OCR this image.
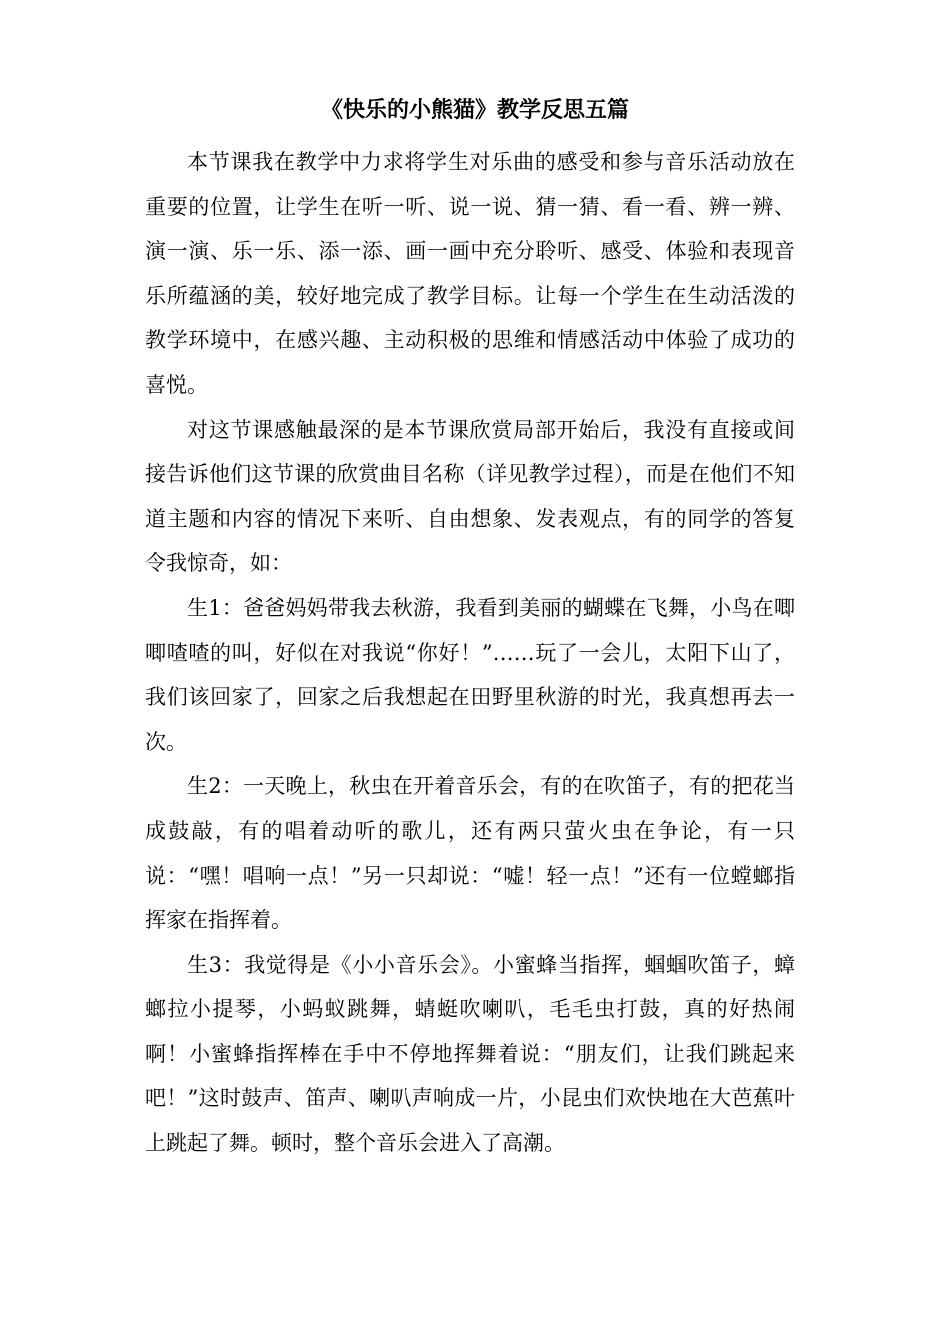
《快乐的小熊猫》教学反思五篇

本节课我在教学中力求将学生对乐曲的感受和参与音乐活动放在重要的位置，让学生在听一听、说一说、猜一猜、看一看、辨一辨、演一演、乐一乐、添一添、画一画中充分聆听、感受、体验和表现音乐所蕴涵的美，较好地完成了教学目标。让每一个学生在生动活泼的教学环境中，在感兴趣、主动积极的思维和情感活动中体验了成功的喜悦。

对这节课感触最深的是本节课欣赏局部开始后，我没有直接或间接告诉他们这节课的欣赏曲目名称（详见教学过程），而是在他们不知道主题和内容的情况下来听、自由想象、发表观点，有的同学的答复令我惊奇，如：

生1：爸爸妈妈带我去秋游，我看到美丽的蝴蝶在飞舞，小鸟在唧唧喳喳的叫，好似在对我说“你好！”……玩了一会儿，太阳下山了，我们该回家了，回家之后我想起在田野里秋游的时光，我真想再去一次。

生2：一天晚上，秋虫在开着音乐会，有的在吹笛子，有的把花当成鼓敲，有的唱着动听的歌儿，还有两只萤火虫在争论，有一只说：“嘿！唱响一点！”另一只却说：“嘘！轻一点！”还有一位螳螂指挥家在指挥着。

生3：我觉得是《小小音乐会》。小蜜蜂当指挥，蝈蝈吹笛子，蟑螂拉小提琴，小蚂蚁跳舞，蜻蜓吹喇叭，毛毛虫打鼓，真的好热闹啊！小蜜蜂指挥棒在手中不停地挥舞着说：“朋友们，让我们跳起来吧！”这时鼓声、笛声、喇叭声响成一片，小昆虫们欢快地在大芭蕉叶上跳起了舞。顿时，整个音乐会进入了高潮。
